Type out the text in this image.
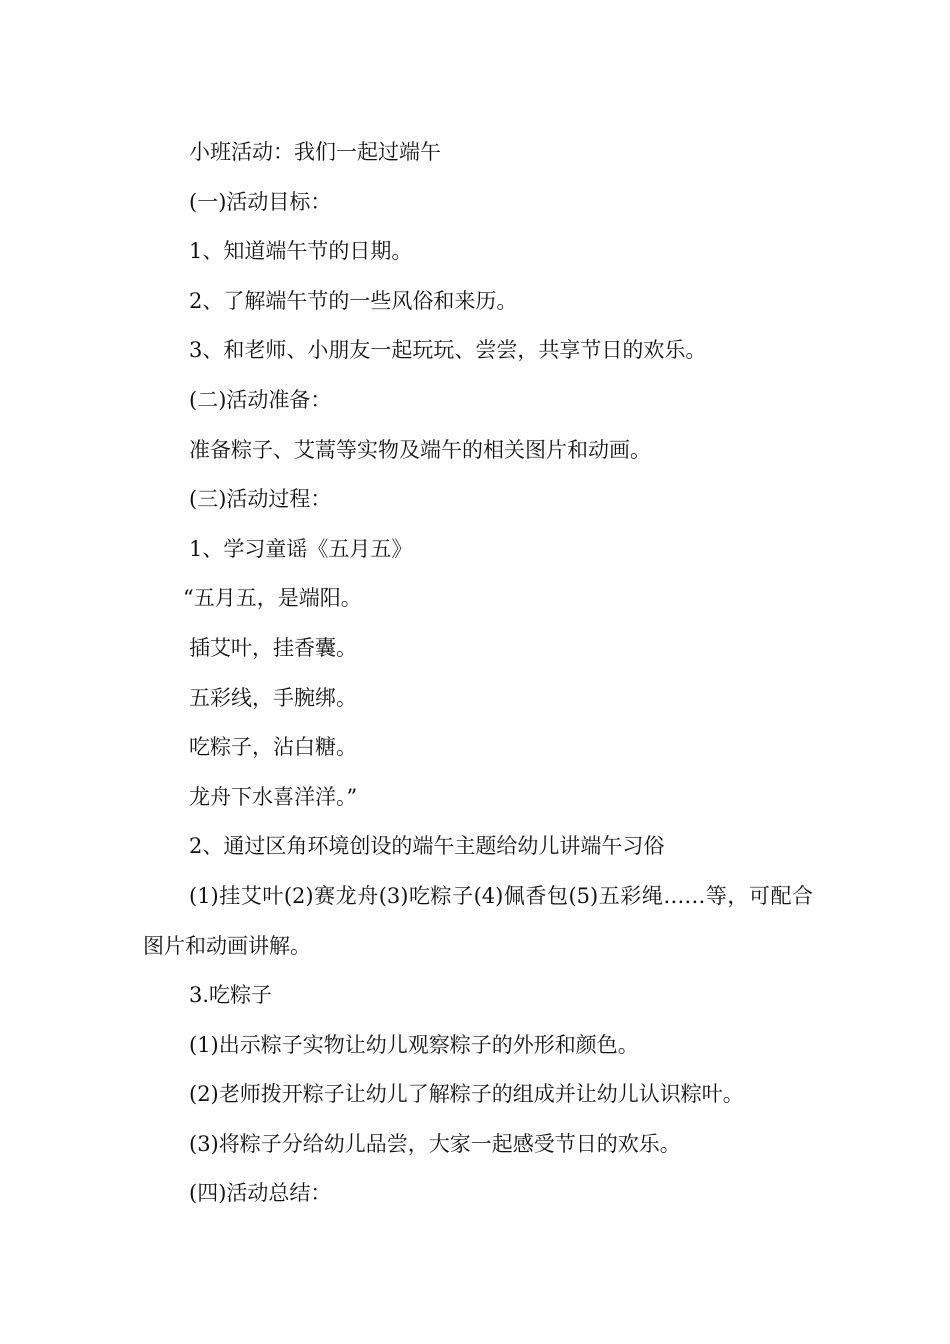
小班活动：我们一起过端午

(一)活动目标：

1、知道端午节的日期。

2、了解端午节的一些风俗和来历。

3、和老师、小朋友一起玩玩、尝尝，共享节日的欢乐。

(二)活动准备：

准备粽子、艾蒿等实物及端午的相关图片和动画。

(三)活动过程：

1、学习童谣《五月五》

“五月五，是端阳。

插艾叶，挂香囊。

五彩线，手腕绑。

吃粽子，沾白糖。

龙舟下水喜洋洋。”

2、通过区角环境创设的端午主题给幼儿讲端午习俗

(1)挂艾叶(2)赛龙舟(3)吃粽子(4)佩香包(5)五彩绳……等，可配合图片和动画讲解。

3.吃粽子

(1)出示粽子实物让幼儿观察粽子的外形和颜色。

(2)老师拨开粽子让幼儿了解粽子的组成并让幼儿认识粽叶。

(3)将粽子分给幼儿品尝，大家一起感受节日的欢乐。

(四)活动总结：
